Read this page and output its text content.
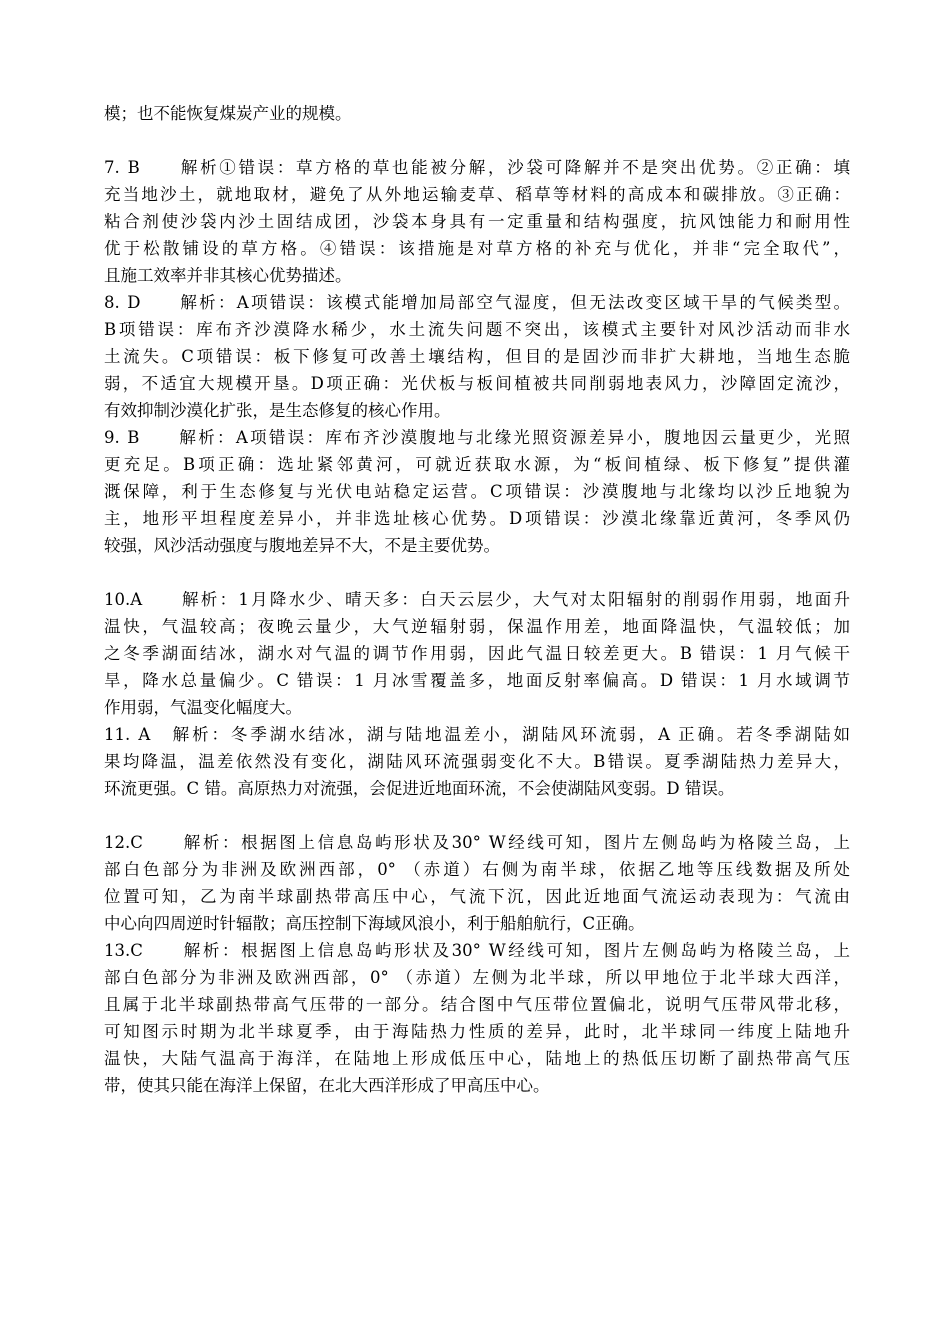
模；也不能恢复煤炭产业的规模。
7. B　　解析①错误：草方格的草也能被分解，沙袋可降解并不是突出优势。②正确：填
充当地沙土，就地取材，避免了从外地运输麦草、稻草等材料的高成本和碳排放。③正确：
粘合剂使沙袋内沙土固结成团，沙袋本身具有一定重量和结构强度，抗风蚀能力和耐用性
优于松散铺设的草方格。④错误：该措施是对草方格的补充与优化，并非“完全取代”，
且施工效率并非其核心优势描述。
8. D　　解析：A项错误：该模式能增加局部空气湿度，但无法改变区域干旱的气候类型。
B项错误：库布齐沙漠降水稀少，水土流失问题不突出，该模式主要针对风沙活动而非水
土流失。C项错误：板下修复可改善土壤结构，但目的是固沙而非扩大耕地，当地生态脆
弱，不适宜大规模开垦。D项正确：光伏板与板间植被共同削弱地表风力，沙障固定流沙，
有效抑制沙漠化扩张，是生态修复的核心作用。
9. B　　解析：A项错误：库布齐沙漠腹地与北缘光照资源差异小，腹地因云量更少，光照
更充足。B项正确：选址紧邻黄河，可就近获取水源，为“板间植绿、板下修复”提供灌
溉保障，利于生态修复与光伏电站稳定运营。C项错误：沙漠腹地与北缘均以沙丘地貌为
主，地形平坦程度差异小，并非选址核心优势。D项错误：沙漠北缘靠近黄河，冬季风仍
较强，风沙活动强度与腹地差异不大，不是主要优势。
10.A　　解析：1月降水少、晴天多：白天云层少，大气对太阳辐射的削弱作用弱，地面升
温快，气温较高；夜晚云量少，大气逆辐射弱，保温作用差，地面降温快，气温较低；加
之冬季湖面结冰，湖水对气温的调节作用弱，因此气温日较差更大。B 错误：1 月气候干
旱，降水总量偏少。C 错误：1 月冰雪覆盖多，地面反射率偏高。D 错误：1 月水域调节
作用弱，气温变化幅度大。
11. A　解析：冬季湖水结冰，湖与陆地温差小，湖陆风环流弱，A 正确。若冬季湖陆如
果均降温，温差依然没有变化，湖陆风环流强弱变化不大。B错误。夏季湖陆热力差异大，
环流更强。C 错。高原热力对流强，会促进近地面环流，不会使湖陆风变弱。D 错误。
12.C　　解析：根据图上信息岛屿形状及30° W经线可知，图片左侧岛屿为格陵兰岛，上
部白色部分为非洲及欧洲西部，0° （赤道）右侧为南半球，依据乙地等压线数据及所处
位置可知，乙为南半球副热带高压中心，气流下沉，因此近地面气流运动表现为：气流由
中心向四周逆时针辐散；高压控制下海域风浪小，利于船舶航行，C正确。
13.C　　解析：根据图上信息岛屿形状及30° W经线可知，图片左侧岛屿为格陵兰岛，上
部白色部分为非洲及欧洲西部，0° （赤道）左侧为北半球，所以甲地位于北半球大西洋，
且属于北半球副热带高气压带的一部分。结合图中气压带位置偏北，说明气压带风带北移，
可知图示时期为北半球夏季，由于海陆热力性质的差异，此时，北半球同一纬度上陆地升
温快，大陆气温高于海洋，在陆地上形成低压中心，陆地上的热低压切断了副热带高气压
带，使其只能在海洋上保留，在北大西洋形成了甲高压中心。
